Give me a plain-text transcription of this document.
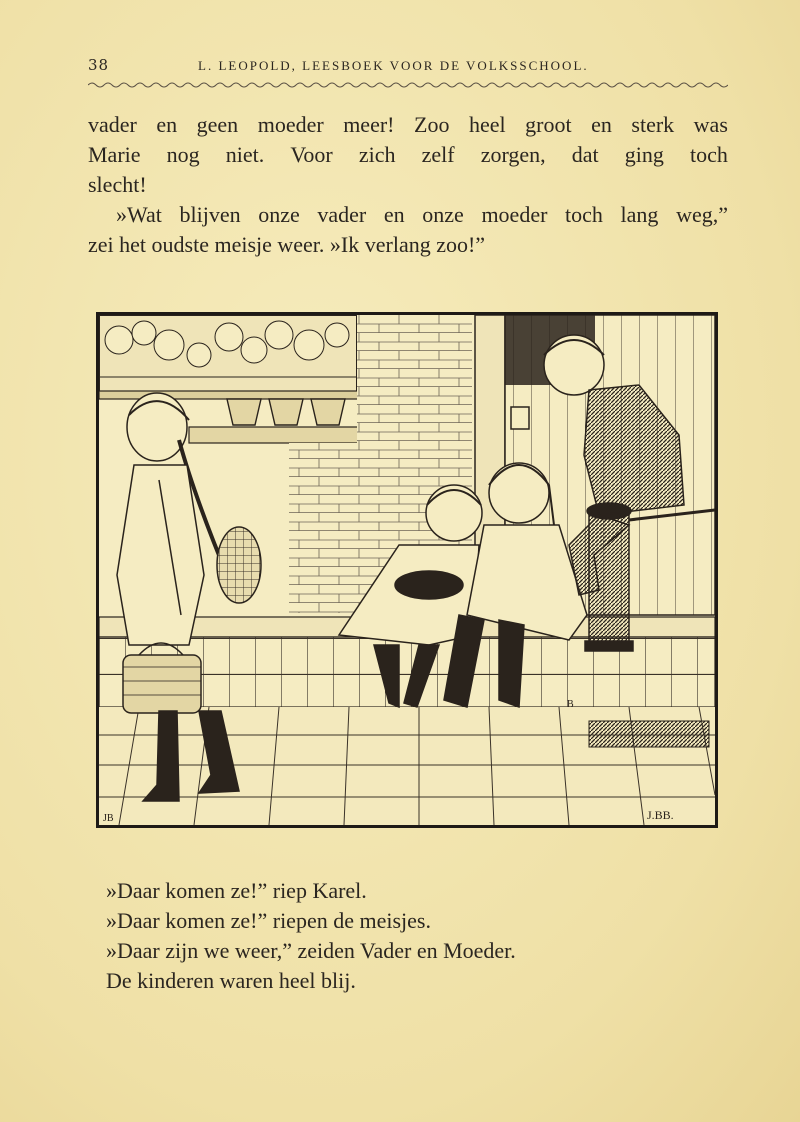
38	L. LEOPOLD, LEESBOEK VOOR DE VOLKSSCHOOL.
vader en geen moeder meer! Zoo heel groot en sterk was
Marie nog niet. Voor zich zelf zorgen, dat ging toch
slecht!
»Wat blijven onze vader en onze moeder toch lang weg,”
zei het oudste meisje weer. »Ik verlang zoo!”
JB
B
J.BB.
»Daar komen ze!” riep Karel.
»Daar komen ze!” riepen de meisjes.
»Daar zijn we weer,” zeiden Vader en Moeder.
De kinderen waren heel blij.
